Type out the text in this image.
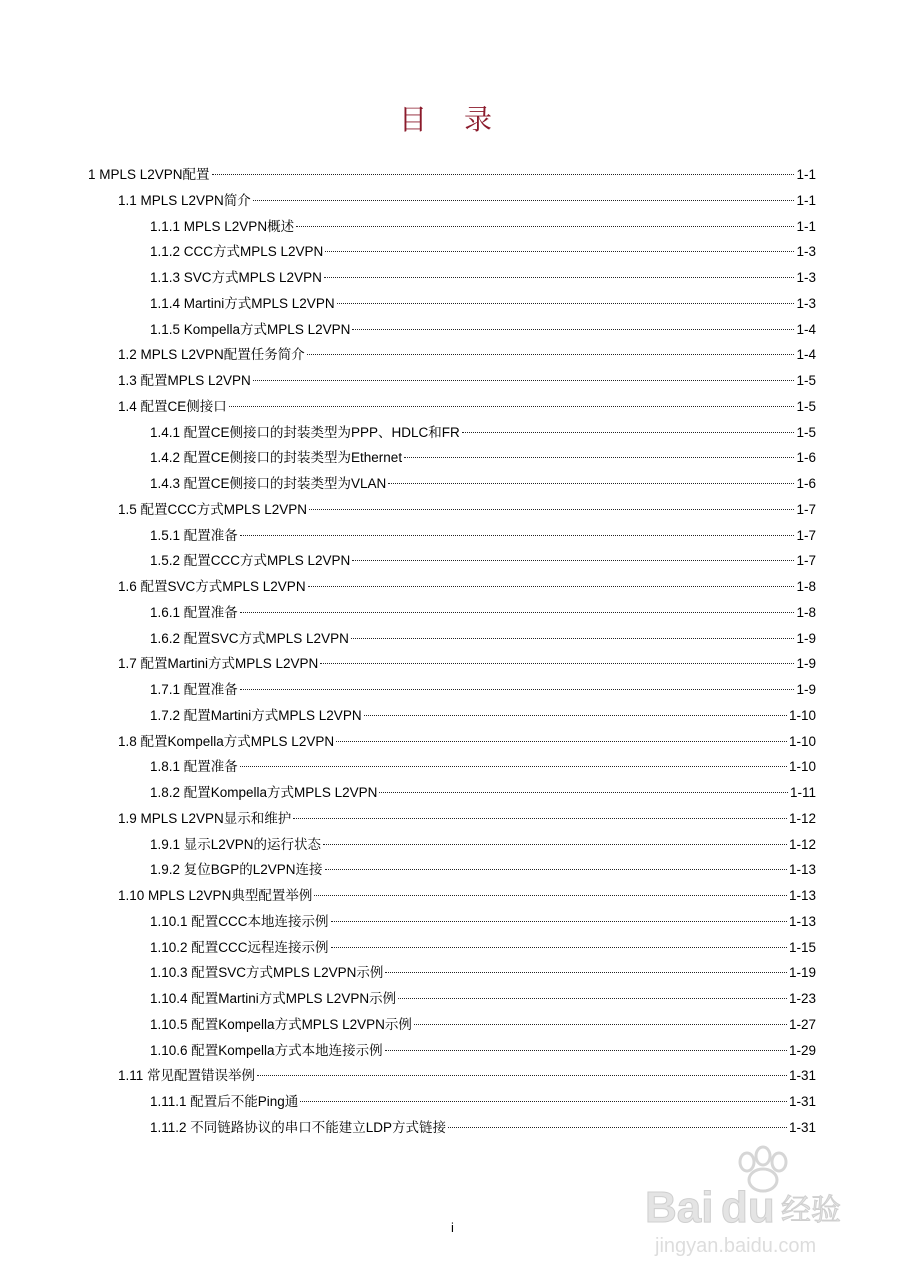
目 录
1 MPLS L2VPN配置	1-1
1.1 MPLS L2VPN简介	1-1
1.1.1 MPLS L2VPN概述	1-1
1.1.2 CCC方式MPLS L2VPN	1-3
1.1.3 SVC方式MPLS L2VPN	1-3
1.1.4 Martini方式MPLS L2VPN	1-3
1.1.5 Kompella方式MPLS L2VPN	1-4
1.2 MPLS L2VPN配置任务简介	1-4
1.3 配置MPLS L2VPN	1-5
1.4 配置CE侧接口	1-5
1.4.1 配置CE侧接口的封装类型为PPP、HDLC和FR	1-5
1.4.2 配置CE侧接口的封装类型为Ethernet	1-6
1.4.3 配置CE侧接口的封装类型为VLAN	1-6
1.5 配置CCC方式MPLS L2VPN	1-7
1.5.1 配置准备	1-7
1.5.2 配置CCC方式MPLS L2VPN	1-7
1.6 配置SVC方式MPLS L2VPN	1-8
1.6.1 配置准备	1-8
1.6.2 配置SVC方式MPLS L2VPN	1-9
1.7 配置Martini方式MPLS L2VPN	1-9
1.7.1 配置准备	1-9
1.7.2 配置Martini方式MPLS L2VPN	1-10
1.8 配置Kompella方式MPLS L2VPN	1-10
1.8.1 配置准备	1-10
1.8.2 配置Kompella方式MPLS L2VPN	1-11
1.9 MPLS L2VPN显示和维护	1-12
1.9.1 显示L2VPN的运行状态	1-12
1.9.2 复位BGP的L2VPN连接	1-13
1.10 MPLS L2VPN典型配置举例	1-13
1.10.1 配置CCC本地连接示例	1-13
1.10.2 配置CCC远程连接示例	1-15
1.10.3 配置SVC方式MPLS L2VPN示例	1-19
1.10.4 配置Martini方式MPLS L2VPN示例	1-23
1.10.5 配置Kompella方式MPLS L2VPN示例	1-27
1.10.6 配置Kompella方式本地连接示例	1-29
1.11 常见配置错误举例	1-31
1.11.1 配置后不能Ping通	1-31
1.11.2 不同链路协议的串口不能建立LDP方式链接	1-31
i	Bai du 经验
jingyan.baidu.com
